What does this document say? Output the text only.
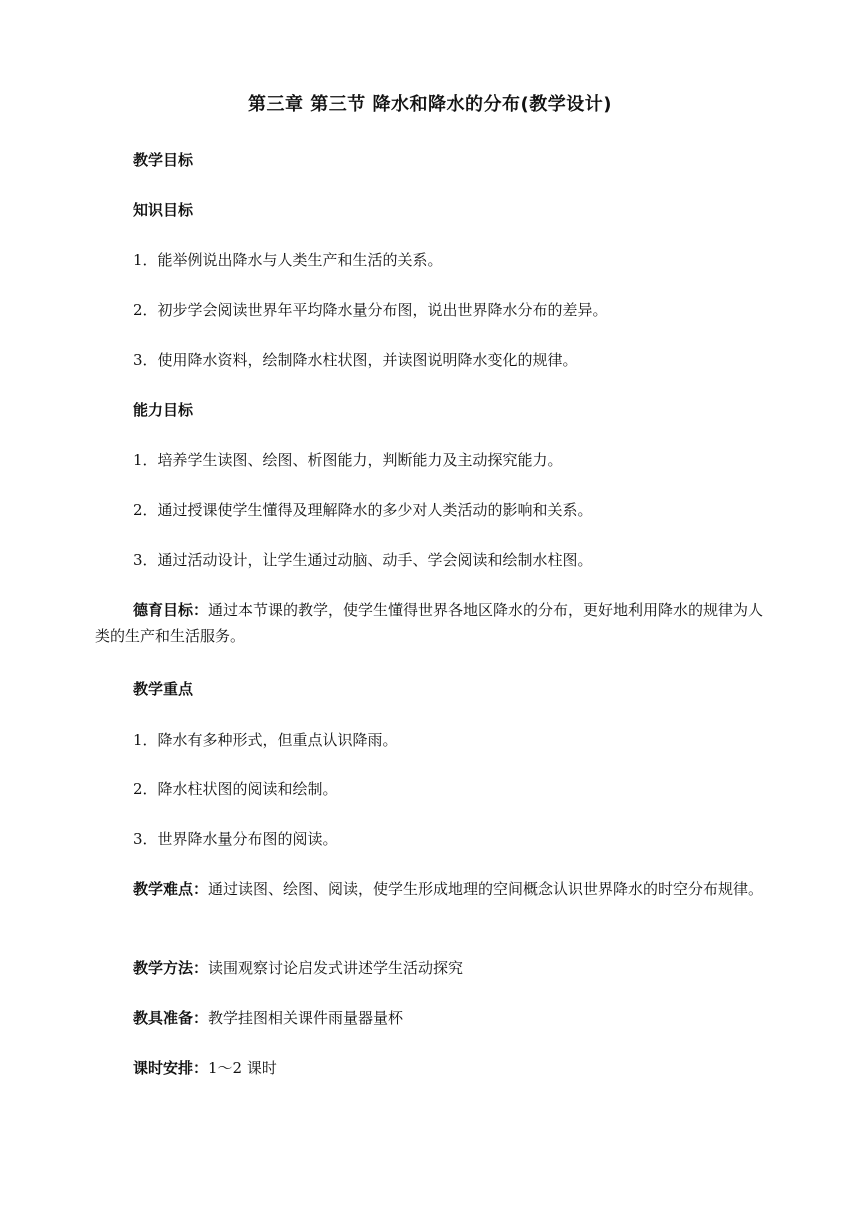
第三章 第三节 降水和降水的分布(教学设计)
教学目标
知识目标
1．能举例说出降水与人类生产和生活的关系。
2．初步学会阅读世界年平均降水量分布图，说出世界降水分布的差异。
3．使用降水资料，绘制降水柱状图，并读图说明降水变化的规律。
能力目标
1．培养学生读图、绘图、析图能力，判断能力及主动探究能力。
2．通过授课使学生懂得及理解降水的多少对人类活动的影响和关系。
3．通过活动设计，让学生通过动脑、动手、学会阅读和绘制水柱图。
德育目标：通过本节课的教学，使学生懂得世界各地区降水的分布，更好地利用降水的规律为人类的生产和生活服务。
教学重点
1．降水有多种形式，但重点认识降雨。
2．降水柱状图的阅读和绘制。
3．世界降水量分布图的阅读。
教学难点：通过读图、绘图、阅读，使学生形成地理的空间概念认识世界降水的时空分布规律。
教学方法：读围观察讨论启发式讲述学生活动探究
教具准备：教学挂图相关课件雨量器量杯
课时安排：1～2 课时
